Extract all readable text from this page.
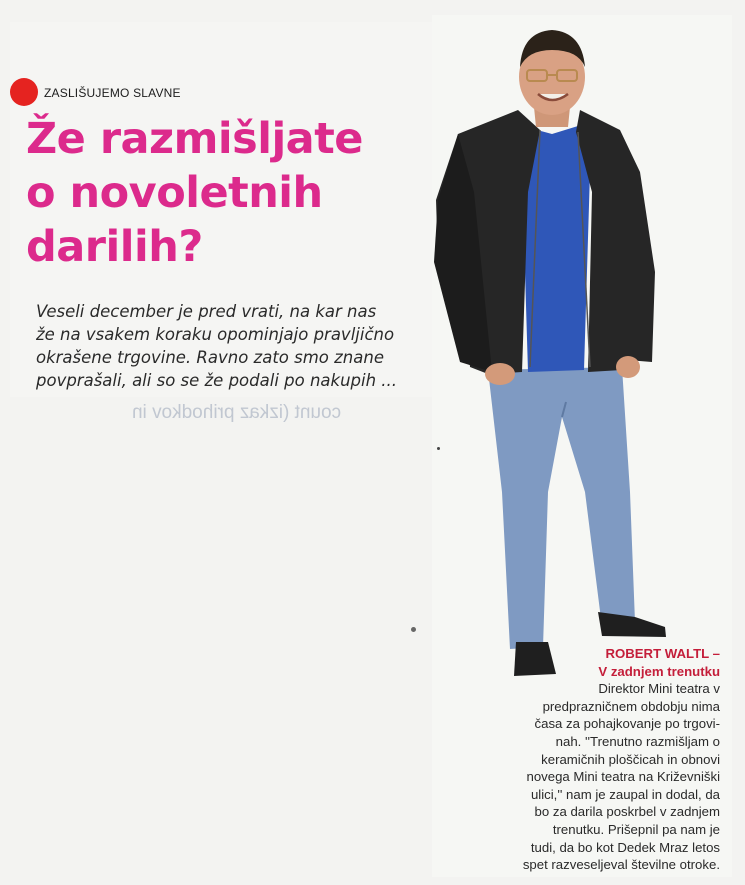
ZASLIŠUJEMO SLAVNE
Že razmišljate
o novoletnih
darilih?

Veseli december je pred vrati, na kar nas
že na vsakem koraku opominjajo pravljično
okrašene trgovine. Ravno zato smo znane
povprašali, ali so se že podali po nakupih ...

count (izkaz prihodkov in

ROBERT WALTL –
V zadnjem trenutku
Direktor Mini teatra v
predprazničnem obdobju nima
časa za pohajkovanje po trgovi-
nah. ''Trenutno razmišljam o
keramičnih ploščicah in obnovi
novega Mini teatra na Križevniški
ulici,'' nam je zaupal in dodal, da
bo za darila poskrbel v zadnjem
trenutku. Prišepnil pa nam je
tudi, da bo kot Dedek Mraz letos
spet razveseljeval številne otroke.
